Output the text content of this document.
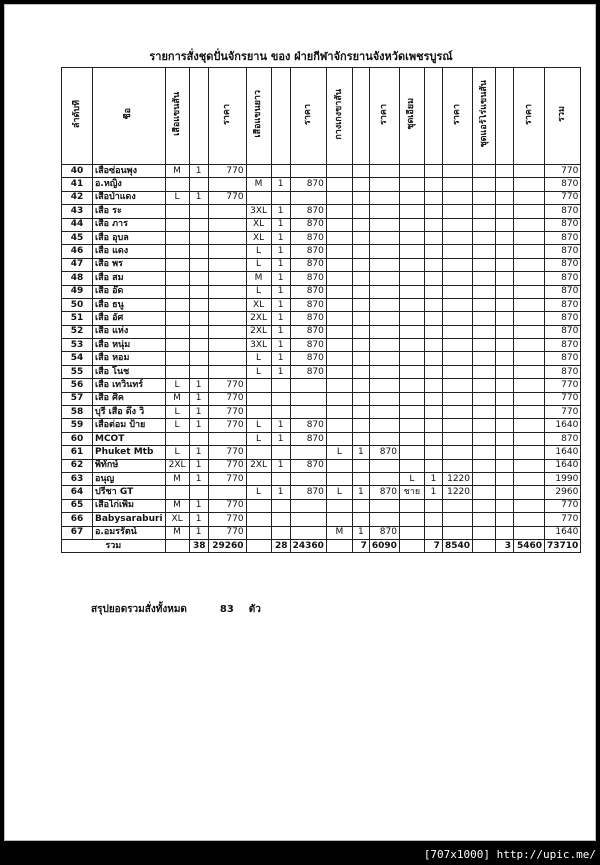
รายการสั่งชุดปั่นจักรยาน ของ ฝ่ายกีฬาจักรยานจังหวัดเพชรบูรณ์
ลำดับที่	ชื่อ	เสื้อแขนสั้น		ราคา	เสื้อแขนยาว		ราคา	กางเกงขาสั้น		ราคา	ชุดเอี๊ยม		ราคา	ชุดแอร์โร่แขนสั้น		ราคา	รวม
40	เสือซ่อนพุง	M	1	770													770
41	อ.หญิง				M	1	870										870
42	เสือป่าแดง	L	1	770													770
43	เสือ ระ				3XL	1	870										870
44	เสือ ภาร				XL	1	870										870
45	เสือ อุบล				XL	1	870										870
46	เสือ แดง				L	1	870										870
47	เสือ พร				L	1	870										870
48	เสือ สม				M	1	870										870
49	เสือ อ๊ด				L	1	870										870
50	เสือ ธนู				XL	1	870										870
51	เสือ อัศ				2XL	1	870										870
52	เสือ แห่ง				2XL	1	870										870
53	เสือ หนุ่ม				3XL	1	870										870
54	เสือ หอม				L	1	870										870
55	เสือ โนช				L	1	870										870
56	เสือ เทวินทร์	L	1	770													770
57	เสือ ศิค	M	1	770													770
58	บุรี เสือ ดึ่ง วิ	L	1	770													770
59	เสือต่อม ป้าย	L	1	770	L	1	870										1640
60	MCOT				L	1	870										870
61	Phuket Mtb	L	1	770				L	1	870							1640
62	พิทักษ์	2XL	1	770	2XL	1	870										1640
63	อนุญ	M	1	770							L	1	1220				1990
64	ปรีชา GT				L	1	870	L	1	870	ชาย	1	1220				2960
65	เสือไก่เพิม	M	1	770													770
66	Babysaraburi	XL	1	770													770
67	อ.อมรรัตน์	M	1	770				M	1	870							1640
รวม			38	29260		28	24360		7	6090		7	8540		3	5460	73710
สรุปยอดรวมสั่งทั้งหมด	83 ตัว
[707x1000] http://upic.me/
